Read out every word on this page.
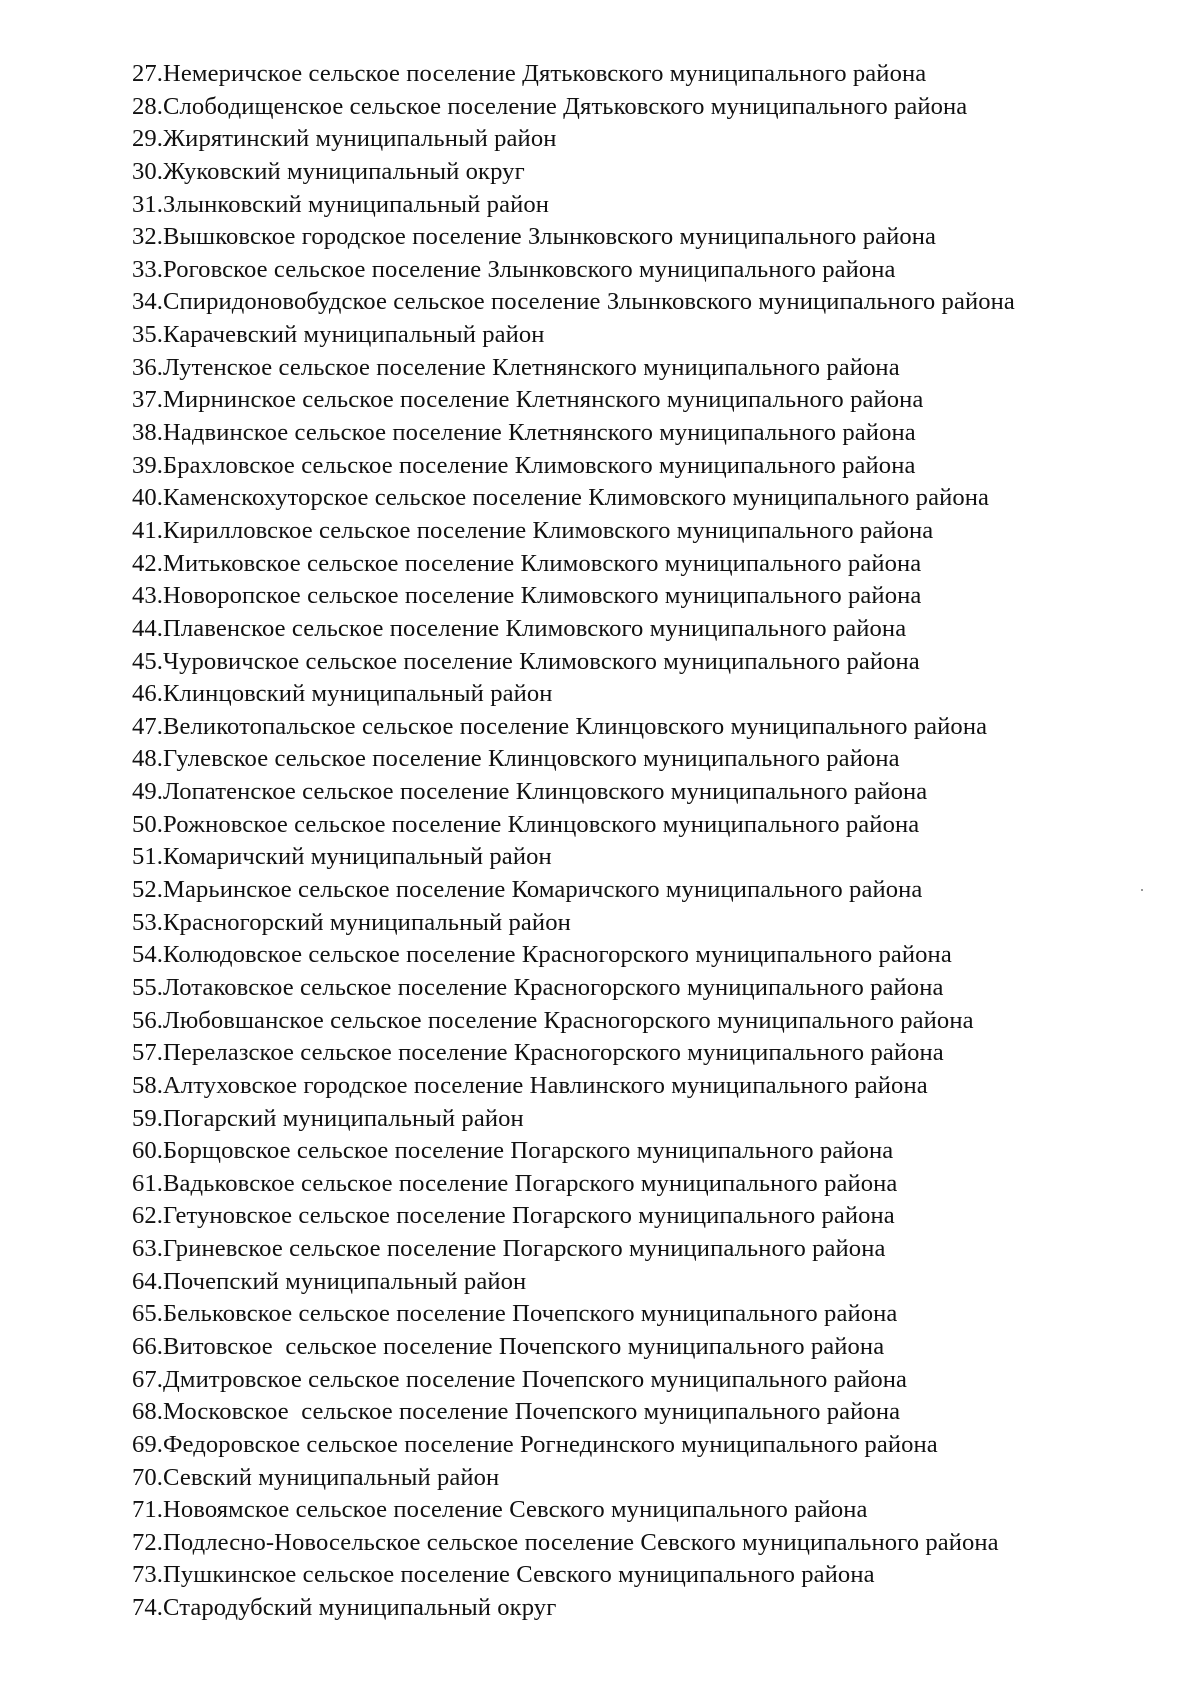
27.Немеричское сельское поселение Дятьковского муниципального района
28.Слободищенское сельское поселение Дятьковского муниципального района
29.Жирятинский муниципальный район
30.Жуковский муниципальный округ
31.Злынковский муниципальный район
32.Вышковское городское поселение Злынковского муниципального района
33.Роговское сельское поселение Злынковского муниципального района
34.Спиридоновобудское сельское поселение Злынковского муниципального района
35.Карачевский муниципальный район
36.Лутенское сельское поселение Клетнянского муниципального района
37.Мирнинское сельское поселение Клетнянского муниципального района
38.Надвинское сельское поселение Клетнянского муниципального района
39.Брахловское сельское поселение Климовского муниципального района
40.Каменскохуторское сельское поселение Климовского муниципального района
41.Кирилловское сельское поселение Климовского муниципального района
42.Митьковское сельское поселение Климовского муниципального района
43.Новоропское сельское поселение Климовского муниципального района
44.Плавенское сельское поселение Климовского муниципального района
45.Чуровичское сельское поселение Климовского муниципального района
46.Клинцовский муниципальный район
47.Великотопальское сельское поселение Клинцовского муниципального района
48.Гулевское сельское поселение Клинцовского муниципального района
49.Лопатенское сельское поселение Клинцовского муниципального района
50.Рожновское сельское поселение Клинцовского муниципального района
51.Комаричский муниципальный район
52.Марьинское сельское поселение Комаричского муниципального района
53.Красногорский муниципальный район
54.Колюдовское сельское поселение Красногорского муниципального района
55.Лотаковское сельское поселение Красногорского муниципального района
56.Любовшанское сельское поселение Красногорского муниципального района
57.Перелазское сельское поселение Красногорского муниципального района
58.Алтуховское городское поселение Навлинского муниципального района
59.Погарский муниципальный район
60.Борщовское сельское поселение Погарского муниципального района
61.Вадьковское сельское поселение Погарского муниципального района
62.Гетуновское сельское поселение Погарского муниципального района
63.Гриневское сельское поселение Погарского муниципального района
64.Почепский муниципальный район
65.Бельковское сельское поселение Почепского муниципального района
66.Витовское  сельское поселение Почепского муниципального района
67.Дмитровское сельское поселение Почепского муниципального района
68.Московское  сельское поселение Почепского муниципального района
69.Федоровское сельское поселение Рогнединского муниципального района
70.Севский муниципальный район
71.Новоямское сельское поселение Севского муниципального района
72.Подлесно-Новосельское сельское поселение Севского муниципального района
73.Пушкинское сельское поселение Севского муниципального района
74.Стародубский муниципальный округ
